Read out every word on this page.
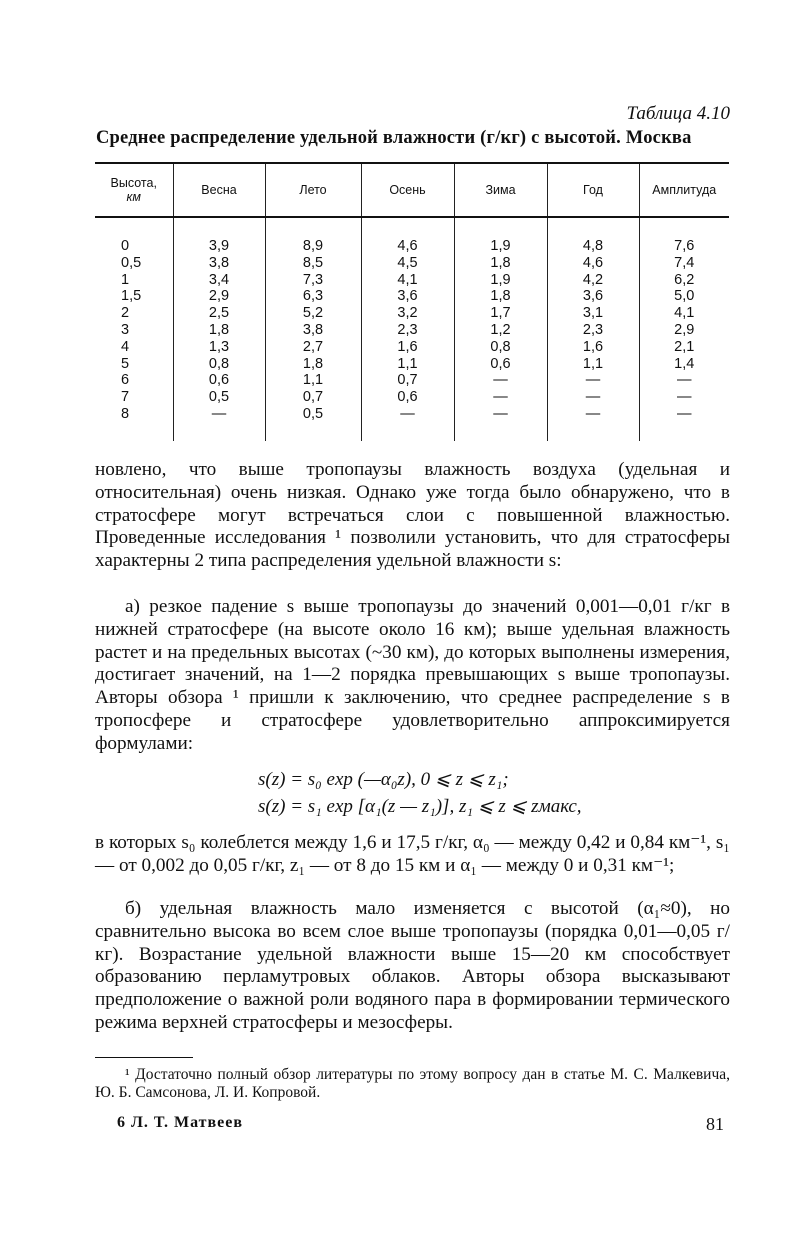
Таблица 4.10
Среднее распределение удельной влажности (г/кг) с высотой. Москва
Высота,
км	Весна	Лето	Осень	Зима	Год	Амплитуда
0	3,9	8,9	4,6	1,9	4,8	7,6
0,5	3,8	8,5	4,5	1,8	4,6	7,4
1	3,4	7,3	4,1	1,9	4,2	6,2
1,5	2,9	6,3	3,6	1,8	3,6	5,0
2	2,5	5,2	3,2	1,7	3,1	4,1
3	1,8	3,8	2,3	1,2	2,3	2,9
4	1,3	2,7	1,6	0,8	1,6	2,1
5	0,8	1,8	1,1	0,6	1,1	1,4
6	0,6	1,1	0,7	—	—	—
7	0,5	0,7	0,6	—	—	—
8	—	0,5	—	—	—	—
новлено, что выше тропопаузы влажность воздуха (удельная и относительная) очень низкая. Однако уже тогда было обнаружено, что в стратосфере могут встречаться слои с повышенной влажностью. Проведенные исследования ¹ позволили установить, что для стратосферы характерны 2 типа распределения удельной влажности s:
а) резкое падение s выше тропопаузы до значений 0,001—0,01 г/кг в нижней стратосфере (на высоте около 16 км); выше удельная влажность растет и на предельных высотах (~30 км), до которых выполнены измерения, достигает значений, на 1—2 порядка превышающих s выше тропопаузы. Авторы обзора ¹ пришли к заключению, что среднее распределение s в тропосфере и стратосфере удовлетворительно аппроксимируется формулами:
s(z) = s₀ exp (—α₀z), 0 ⩽ z ⩽ z₁;
s(z) = s₁ exp [α₁(z — z₁)], z₁ ⩽ z ⩽ zмакс,
в которых s₀ колеблется между 1,6 и 17,5 г/кг, α₀ — между 0,42 и 0,84 км⁻¹, s₁ — от 0,002 до 0,05 г/кг, z₁ — от 8 до 15 км и α₁ — между 0 и 0,31 км⁻¹;
б) удельная влажность мало изменяется с высотой (α₁≈0), но сравнительно высока во всем слое выше тропопаузы (порядка 0,01—0,05 г/кг). Возрастание удельной влажности выше 15—20 км способствует образованию перламутровых облаков. Авторы обзора высказывают предположение о важной роли водяного пара в формировании термического режима верхней стратосферы и мезосферы.
¹ Достаточно полный обзор литературы по этому вопросу дан в статье М. С. Малкевича, Ю. Б. Самсонова, Л. И. Копровой.
6 Л. Т. Матвеев	81
